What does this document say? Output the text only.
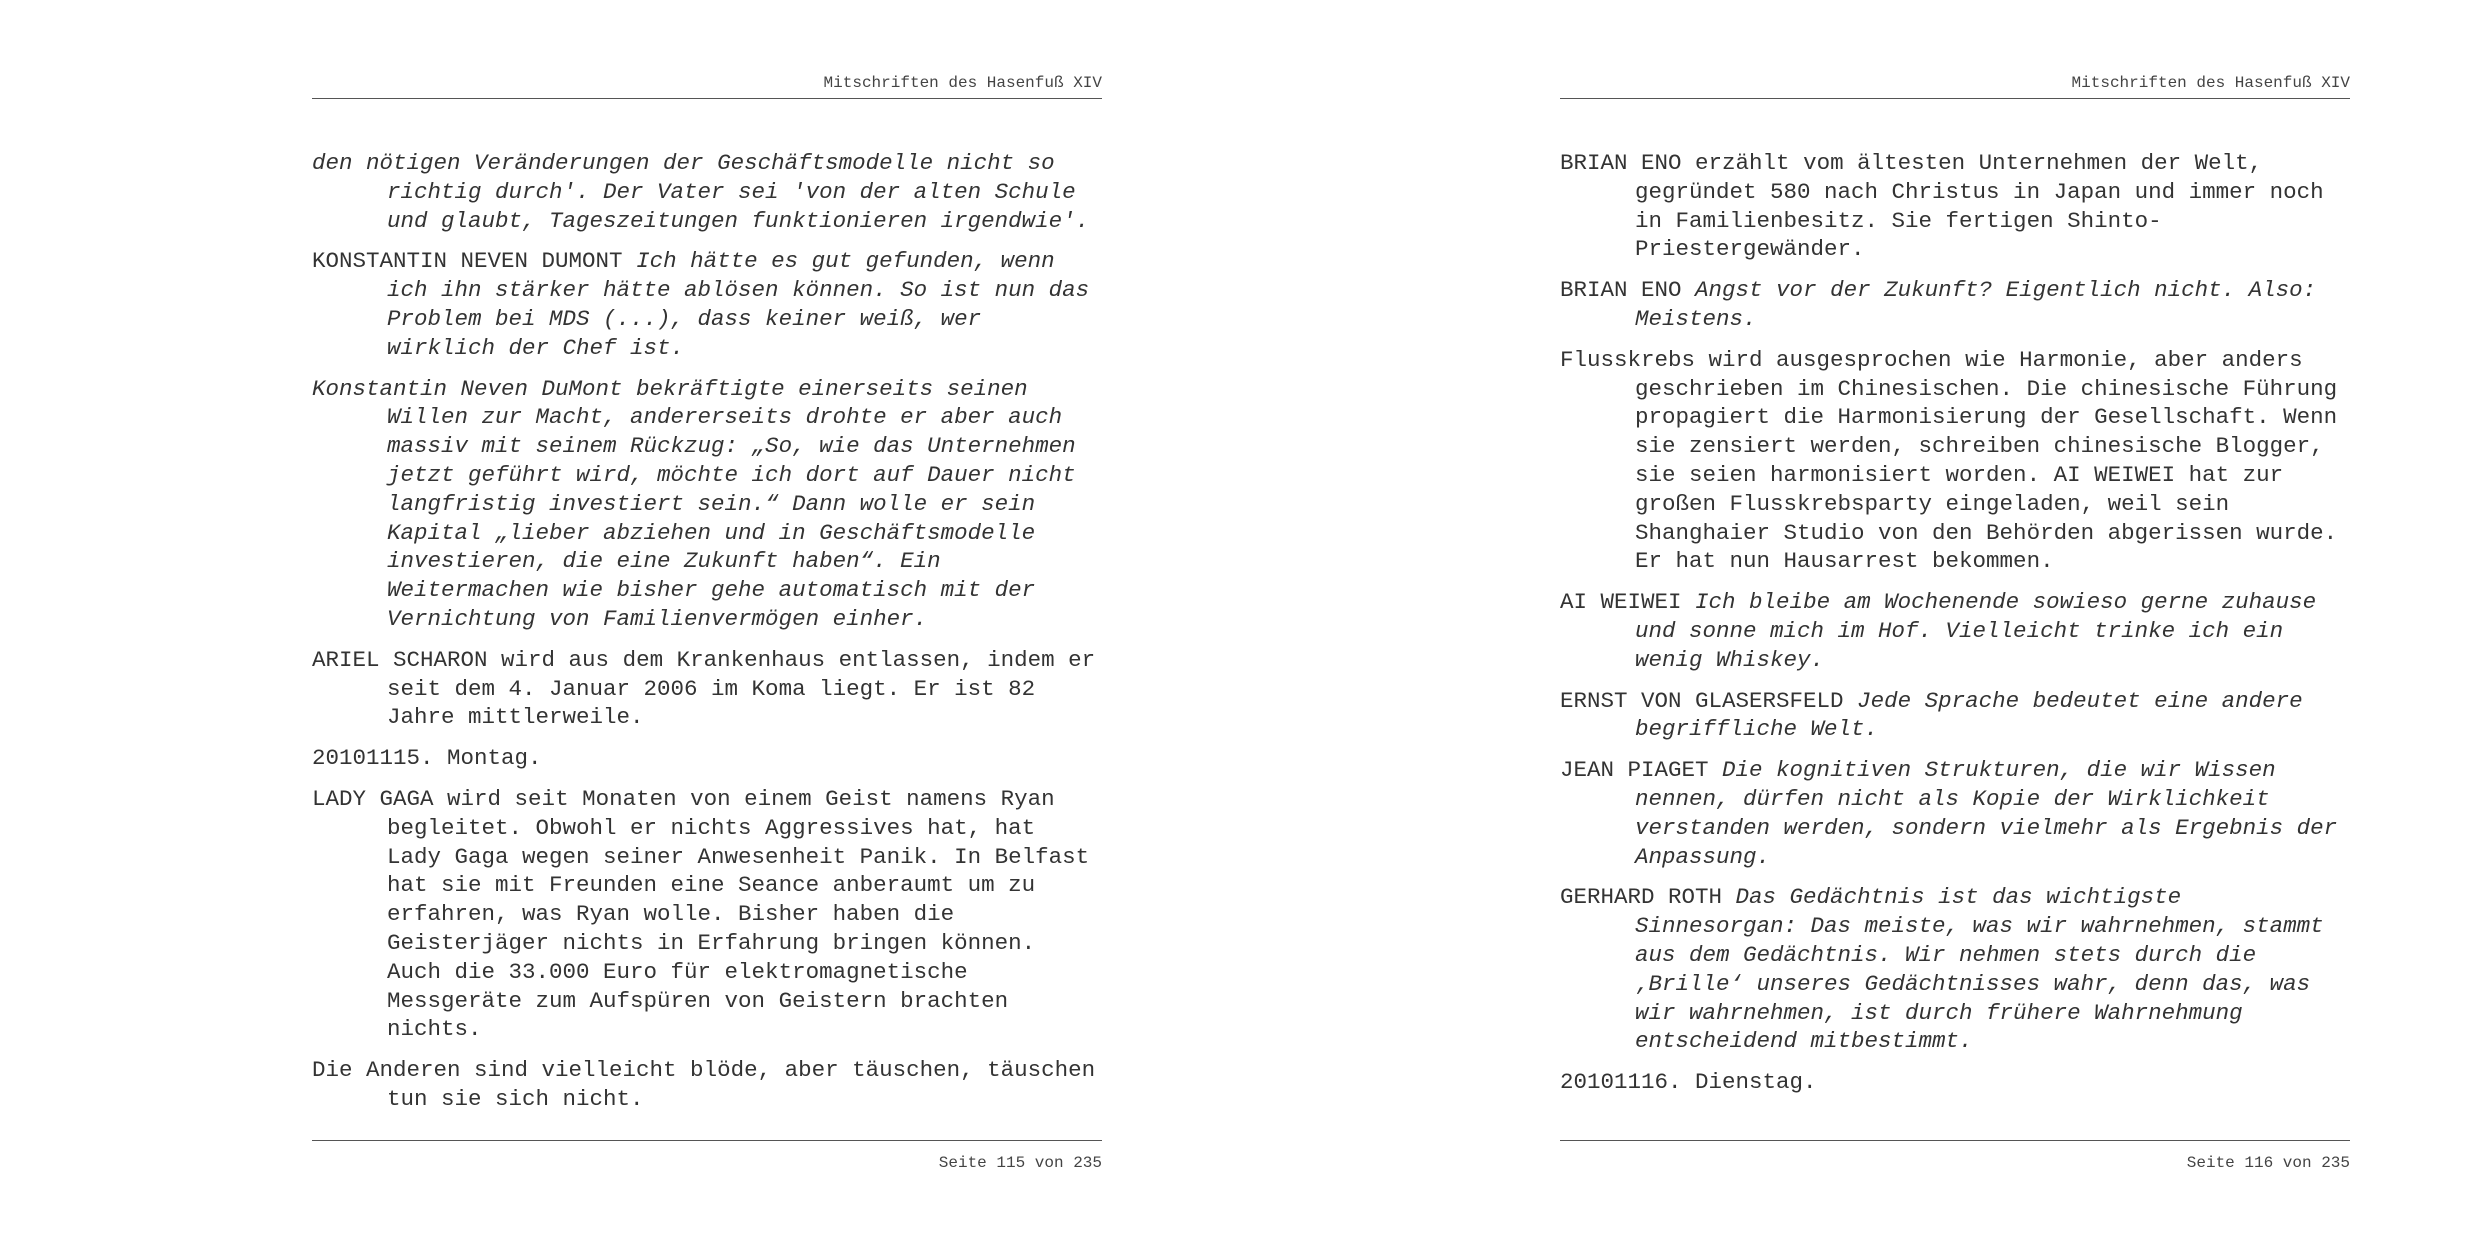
Mitschriften des Hasenfuß XIV

den nötigen Veränderungen der Geschäftsmodelle nicht so richtig durch'. Der Vater sei 'von der alten Schule und glaubt, Tageszeitungen funktionieren irgendwie'.

KONSTANTIN NEVEN DUMONT Ich hätte es gut gefunden, wenn ich ihn stärker hätte ablösen können. So ist nun das Problem bei MDS (...), dass keiner weiß, wer wirklich der Chef ist.

Konstantin Neven DuMont bekräftigte einerseits seinen Willen zur Macht, andererseits drohte er aber auch massiv mit seinem Rückzug: „So, wie das Unternehmen jetzt geführt wird, möchte ich dort auf Dauer nicht langfristig investiert sein.“ Dann wolle er sein Kapital „lieber abziehen und in Geschäftsmodelle investieren, die eine Zukunft haben“. Ein Weitermachen wie bisher gehe automatisch mit der Vernichtung von Familienvermögen einher.

ARIEL SCHARON wird aus dem Krankenhaus entlassen, indem er seit dem 4. Januar 2006 im Koma liegt. Er ist 82 Jahre mittlerweile.

20101115. Montag.

LADY GAGA wird seit Monaten von einem Geist namens Ryan begleitet. Obwohl er nichts Aggressives hat, hat Lady Gaga wegen seiner Anwesenheit Panik. In Belfast hat sie mit Freunden eine Seance anberaumt um zu erfahren, was Ryan wolle. Bisher haben die Geisterjäger nichts in Erfahrung bringen können. Auch die 33.000 Euro für elektromagnetische Messgeräte zum Aufspüren von Geistern brachten nichts.

Die Anderen sind vielleicht blöde, aber täuschen, täuschen tun sie sich nicht.

Seite 115 von 235
Mitschriften des Hasenfuß XIV

BRIAN ENO erzählt vom ältesten Unternehmen der Welt, gegründet 580 nach Christus in Japan und immer noch in Familienbesitz. Sie fertigen Shinto-Priestergewänder.

BRIAN ENO Angst vor der Zukunft? Eigentlich nicht. Also: Meistens.

Flusskrebs wird ausgesprochen wie Harmonie, aber anders geschrieben im Chinesischen. Die chinesische Führung propagiert die Harmonisierung der Gesellschaft. Wenn sie zensiert werden, schreiben chinesische Blogger, sie seien harmonisiert worden. AI WEIWEI hat zur großen Flusskrebsparty eingeladen, weil sein Shanghaier Studio von den Behörden abgerissen wurde. Er hat nun Hausarrest bekommen.

AI WEIWEI Ich bleibe am Wochenende sowieso gerne zuhause und sonne mich im Hof. Vielleicht trinke ich ein wenig Whiskey.

ERNST VON GLASERSFELD Jede Sprache bedeutet eine andere begriffliche Welt.

JEAN PIAGET Die kognitiven Strukturen, die wir Wissen nennen, dürfen nicht als Kopie der Wirklichkeit verstanden werden, sondern vielmehr als Ergebnis der Anpassung.

GERHARD ROTH Das Gedächtnis ist das wichtigste Sinnesorgan: Das meiste, was wir wahrnehmen, stammt aus dem Gedächtnis. Wir nehmen stets durch die ‚Brille‘ unseres Gedächtnisses wahr, denn das, was wir wahrnehmen, ist durch frühere Wahrnehmung entscheidend mitbestimmt.

20101116. Dienstag.

Seite 116 von 235
